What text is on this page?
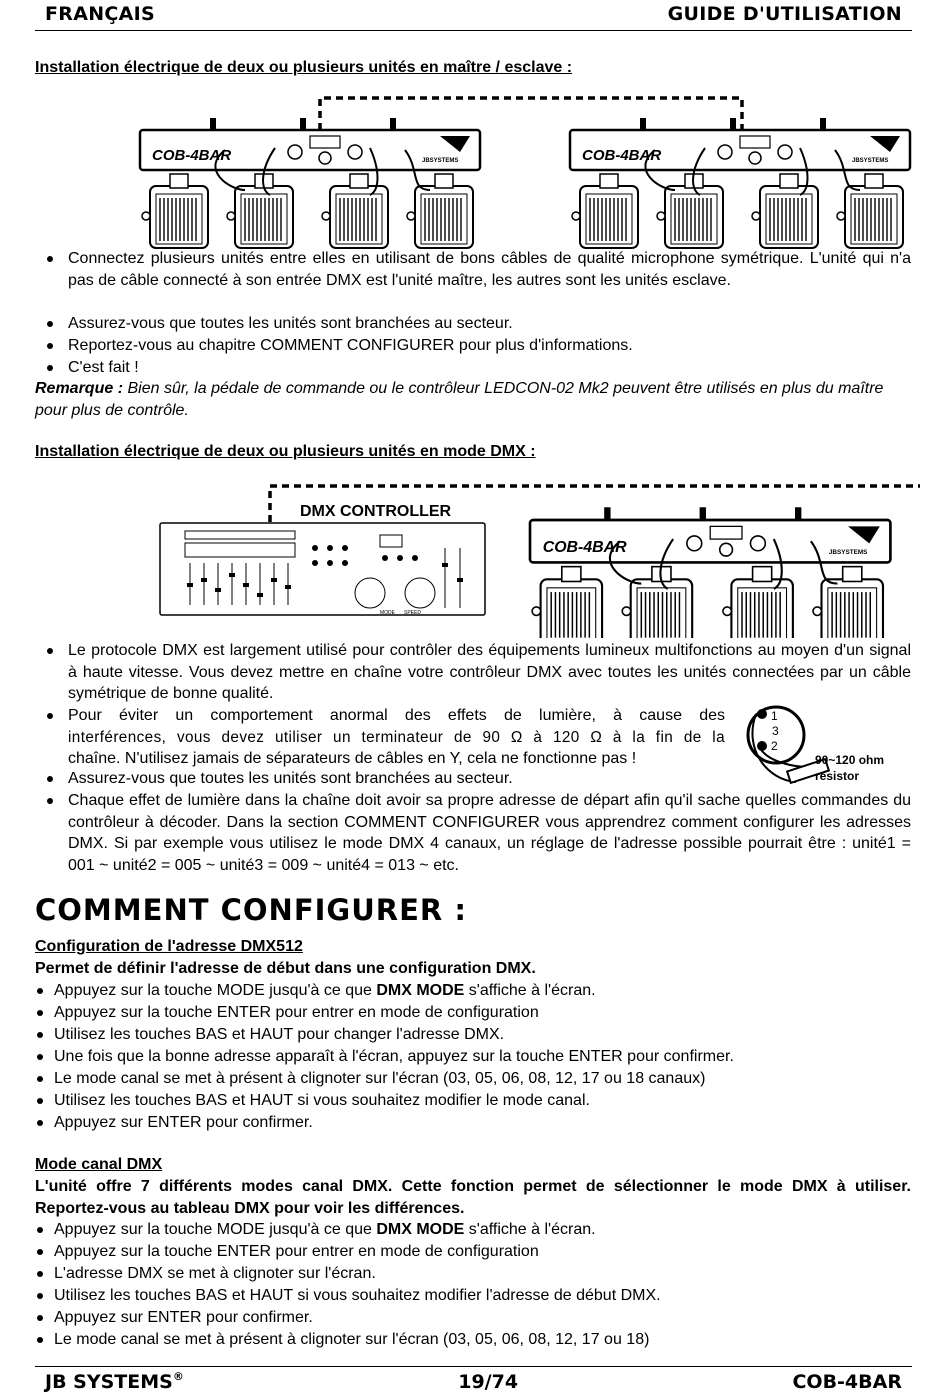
FRANÇAIS	GUIDE D'UTILISATION
Installation électrique de deux ou plusieurs unités en maître / esclave :
COB-4BAR	JBSYSTEMS	COB-4BAR	JBSYSTEMS
Connectez plusieurs unités entre elles en utilisant de bons câbles de qualité microphone symétrique. L'unité qui n'a pas de câble connecté à son entrée DMX est l'unité maître, les autres sont les unités esclave.
Assurez-vous que toutes les unités sont branchées au secteur.
Reportez-vous au chapitre COMMENT CONFIGURER pour plus d'informations.
C'est fait !
Remarque : Bien sûr, la pédale de commande ou le contrôleur LEDCON-02 Mk2 peuvent être utilisés en plus du maître pour plus de contrôle.
Installation électrique de deux ou plusieurs unités en mode DMX :
DMX CONTROLLER
MODE SPEED
COB-4BAR	JBSYSTEMS
Le protocole DMX est largement utilisé pour contrôler des équipements lumineux multifonctions au moyen d'un signal à haute vitesse. Vous devez mettre en chaîne votre contrôleur DMX avec toutes les unités connectées par un câble symétrique de bonne qualité.
Pour éviter un comportement anormal des effets de lumière, à cause des
interférences, vous devez utiliser un terminateur de 90 Ω à 120 Ω à la fin de la
chaîne. N'utilisez jamais de séparateurs de câbles en Y, cela ne fonctionne pas !
1
3
2
90~120 ohm
resistor
Assurez-vous que toutes les unités sont branchées au secteur.
Chaque effet de lumière dans la chaîne doit avoir sa propre adresse de départ afin qu'il sache quelles commandes du contrôleur à décoder. Dans la section COMMENT CONFIGURER vous apprendrez comment configurer les adresses DMX. Si par exemple vous utilisez le mode DMX 4 canaux, un réglage de l'adresse possible pourrait être : unité1 = 001 ~ unité2 = 005 ~ unité3 = 009 ~ unité4 = 013 ~ etc.
COMMENT CONFIGURER :
Configuration de l'adresse DMX512
Permet de définir l'adresse de début dans une configuration DMX.
Appuyez sur la touche MODE jusqu'à ce que DMX MODE s'affiche à l'écran.
Appuyez sur la touche ENTER pour entrer en mode de configuration
Utilisez les touches BAS et HAUT pour changer l'adresse DMX.
Une fois que la bonne adresse apparaît à l'écran, appuyez sur la touche ENTER pour confirmer.
Le mode canal se met à présent à clignoter sur l'écran (03, 05, 06, 08, 12, 17 ou 18 canaux)
Utilisez les touches BAS et HAUT si vous souhaitez modifier le mode canal.
Appuyez sur ENTER pour confirmer.
Mode canal DMX
L'unité offre 7 différents modes canal DMX. Cette fonction permet de sélectionner le mode DMX à utiliser. Reportez-vous au tableau DMX pour voir les différences.
Appuyez sur la touche MODE jusqu'à ce que DMX MODE s'affiche à l'écran.
Appuyez sur la touche ENTER pour entrer en mode de configuration
L'adresse DMX se met à clignoter sur l'écran.
Utilisez les touches BAS et HAUT si vous souhaitez modifier l'adresse de début DMX.
Appuyez sur ENTER pour confirmer.
Le mode canal se met à présent à clignoter sur l'écran (03, 05, 06, 08, 12, 17 ou 18)
JB SYSTEMS®	19/74	COB-4BAR
